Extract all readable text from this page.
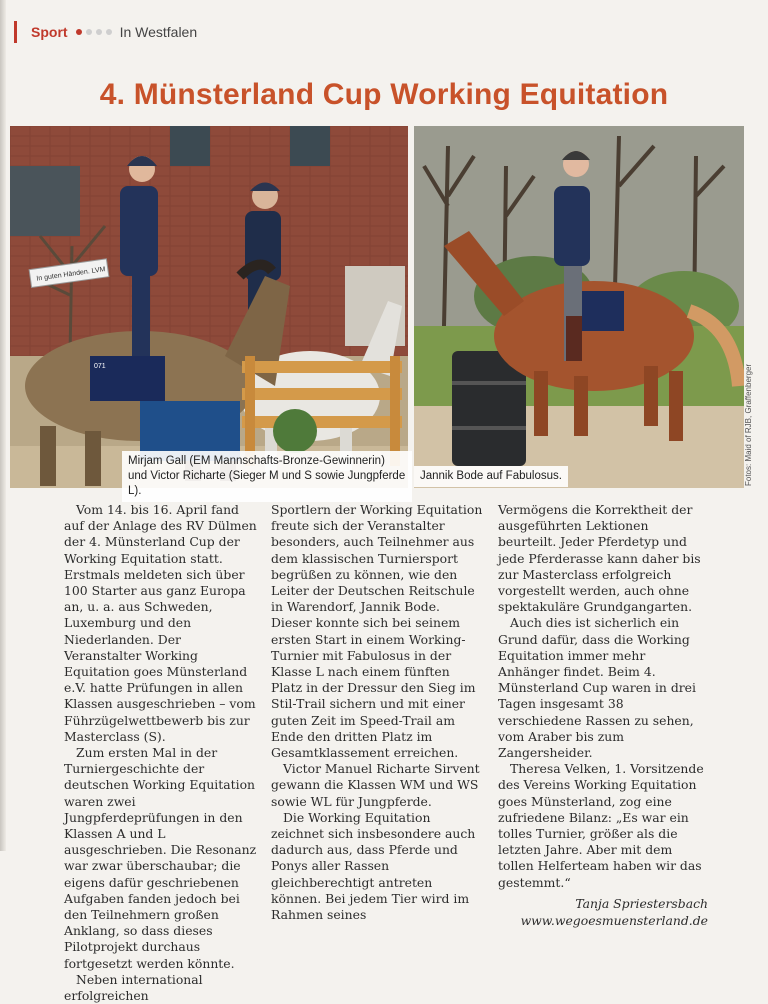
Sport	In Westfalen
4. Münsterland Cup Working Equitation
In guten Händen. LVM
071
Mirjam Gall (EM Mannschafts-Bronze-Gewinnerin) und Victor Richarte (Sieger M und S sowie Jungpferde L).
Jannik Bode auf Fabulosus.	Fotos: Maid of RJB, Graffenberger

Vom 14. bis 16. April fand auf der Anlage des RV Dülmen der 4. Münsterland Cup der Working Equitation statt. Erstmals meldeten sich über 100 Starter aus ganz Europa an, u. a. aus Schweden, Luxemburg und den Niederlanden. Der Veranstalter Working Equitation goes Münsterland e.V. hatte Prüfungen in allen Klassen ausgeschrieben – vom Führzügelwettbewerb bis zur Masterclass (S).

Zum ersten Mal in der Turniergeschichte der deutschen Working Equitation waren zwei Jungpferdeprüfungen in den Klassen A und L ausgeschrieben. Die Resonanz war zwar überschaubar; die eigens dafür geschriebenen Aufgaben fanden jedoch bei den Teilnehmern großen Anklang, so dass dieses Pilotprojekt durchaus fortgesetzt werden könnte.

Neben international erfolgreichen

Sportlern der Working Equitation freute sich der Veranstalter besonders, auch Teilnehmer aus dem klassischen Turniersport begrüßen zu können, wie den Leiter der Deutschen Reitschule in Warendorf, Jannik Bode. Dieser konnte sich bei seinem ersten Start in einem Working-Turnier mit Fabulosus in der Klasse L nach einem fünften Platz in der Dressur den Sieg im Stil-Trail sichern und mit einer guten Zeit im Speed-Trail am Ende den dritten Platz im Gesamtklassement erreichen.

Victor Manuel Richarte Sirvent gewann die Klassen WM und WS sowie WL für Jungpferde.

Die Working Equitation zeichnet sich insbesondere auch dadurch aus, dass Pferde und Ponys aller Rassen gleichberechtigt antreten können. Bei jedem Tier wird im Rahmen seines

Vermögens die Korrektheit der ausgeführten Lektionen beurteilt. Jeder Pferdetyp und jede Pferderasse kann daher bis zur Masterclass erfolgreich vorgestellt werden, auch ohne spektakuläre Grundgangarten.

Auch dies ist sicherlich ein Grund dafür, dass die Working Equitation immer mehr Anhänger findet. Beim 4. Münsterland Cup waren in drei Tagen insgesamt 38 verschiedene Rassen zu sehen, vom Araber bis zum Zangersheider.

Theresa Velken, 1. Vorsitzende des Vereins Working Equitation goes Münsterland, zog eine zufriedene Bilanz: „Es war ein tolles Turnier, größer als die letzten Jahre. Aber mit dem tollen Helferteam haben wir das gestemmt.“

Tanja Spriestersbach
www.wegoesmuensterland.de
